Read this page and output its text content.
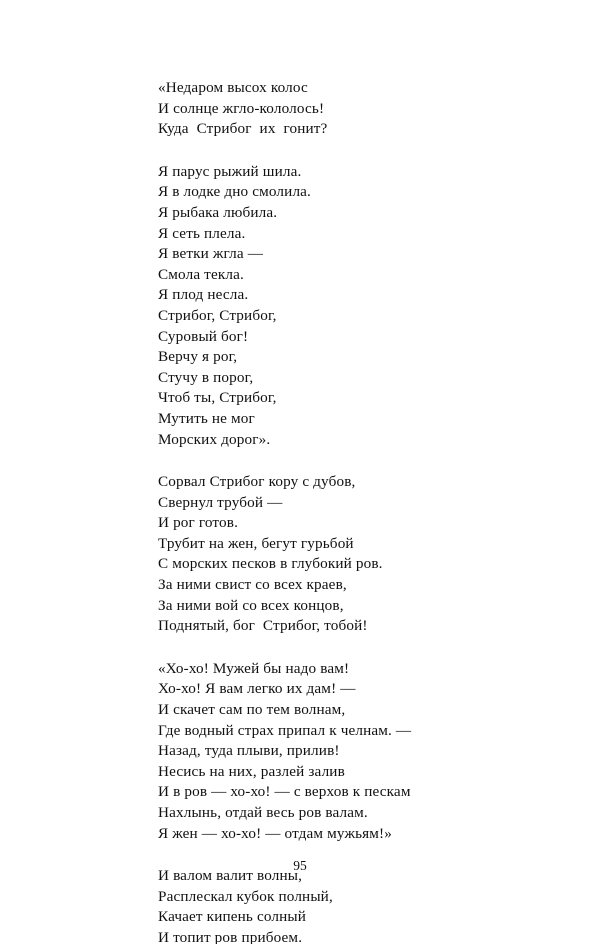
«Недаром высох колос
И солнце жгло-кололось!
Куда  Стрибог  их  гонит?
Я парус рыжий шила.
Я в лодке дно смолила.
Я рыбака любила.
Я сеть плела.
Я ветки жгла —
Смола текла.
Я плод несла.
Стрибог, Стрибог,
Суровый бог!
Верчу я рог,
Стучу в порог,
Чтоб ты, Стрибог,
Мутить не мог
Морских дорог».
Сорвал Стрибог кору с дубов,
Свернул трубой —
И рог готов.
Трубит на жен, бегут гурьбой
С морских песков в глубокий ров.
За ними свист со всех краев,
За ними вой со всех концов,
Поднятый, бог  Стрибог, тобой!
«Хо-хо! Мужей бы надо вам!
Хо-хо! Я вам легко их дам! —
И скачет сам по тем волнам,
Где водный страх припал к челнам. —
Назад, туда плыви, прилив!
Несись на них, разлей залив
И в ров — хо-хо! — с верхов к пескам
Нахлынь, отдай весь ров валам.
Я жен — хо-хо! — отдам мужьям!»
И валом валит волны,
Расплескал кубок полный,
Качает кипень солный
И топит ров прибоем.
95
